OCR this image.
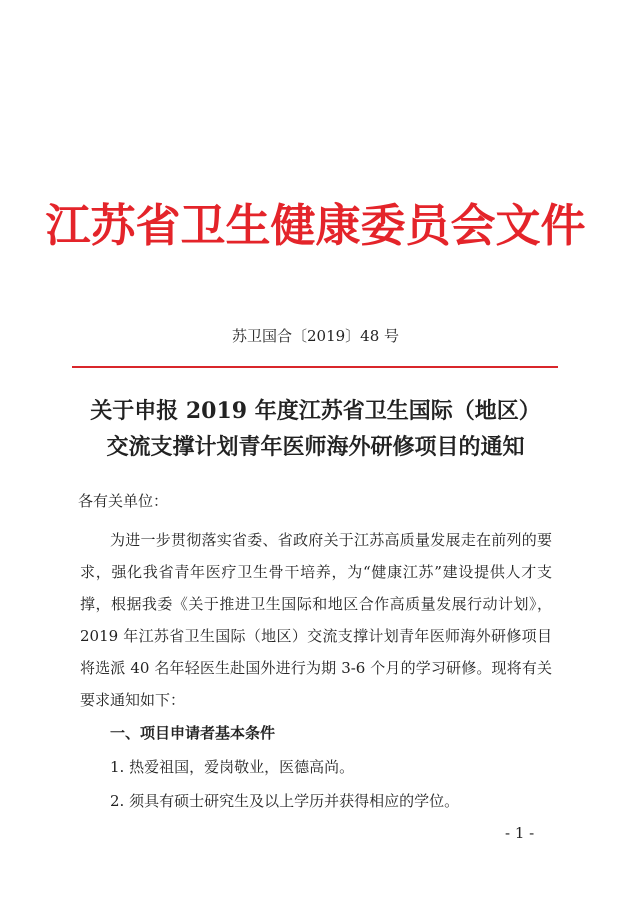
江苏省卫生健康委员会文件
苏卫国合〔2019〕48 号
关于申报 2019 年度江苏省卫生国际（地区）
交流支撑计划青年医师海外研修项目的通知
各有关单位：
为进一步贯彻落实省委、省政府关于江苏高质量发展走在前列的要求，强化我省青年医疗卫生骨干培养，为“健康江苏”建设提供人才支撑，根据我委《关于推进卫生国际和地区合作高质量发展行动计划》，2019 年江苏省卫生国际（地区）交流支撑计划青年医师海外研修项目将选派 40 名年轻医生赴国外进行为期 3-6 个月的学习研修。现将有关要求通知如下：
一、项目申请者基本条件
1. 热爱祖国，爱岗敬业，医德高尚。
2. 须具有硕士研究生及以上学历并获得相应的学位。
- 1 -
